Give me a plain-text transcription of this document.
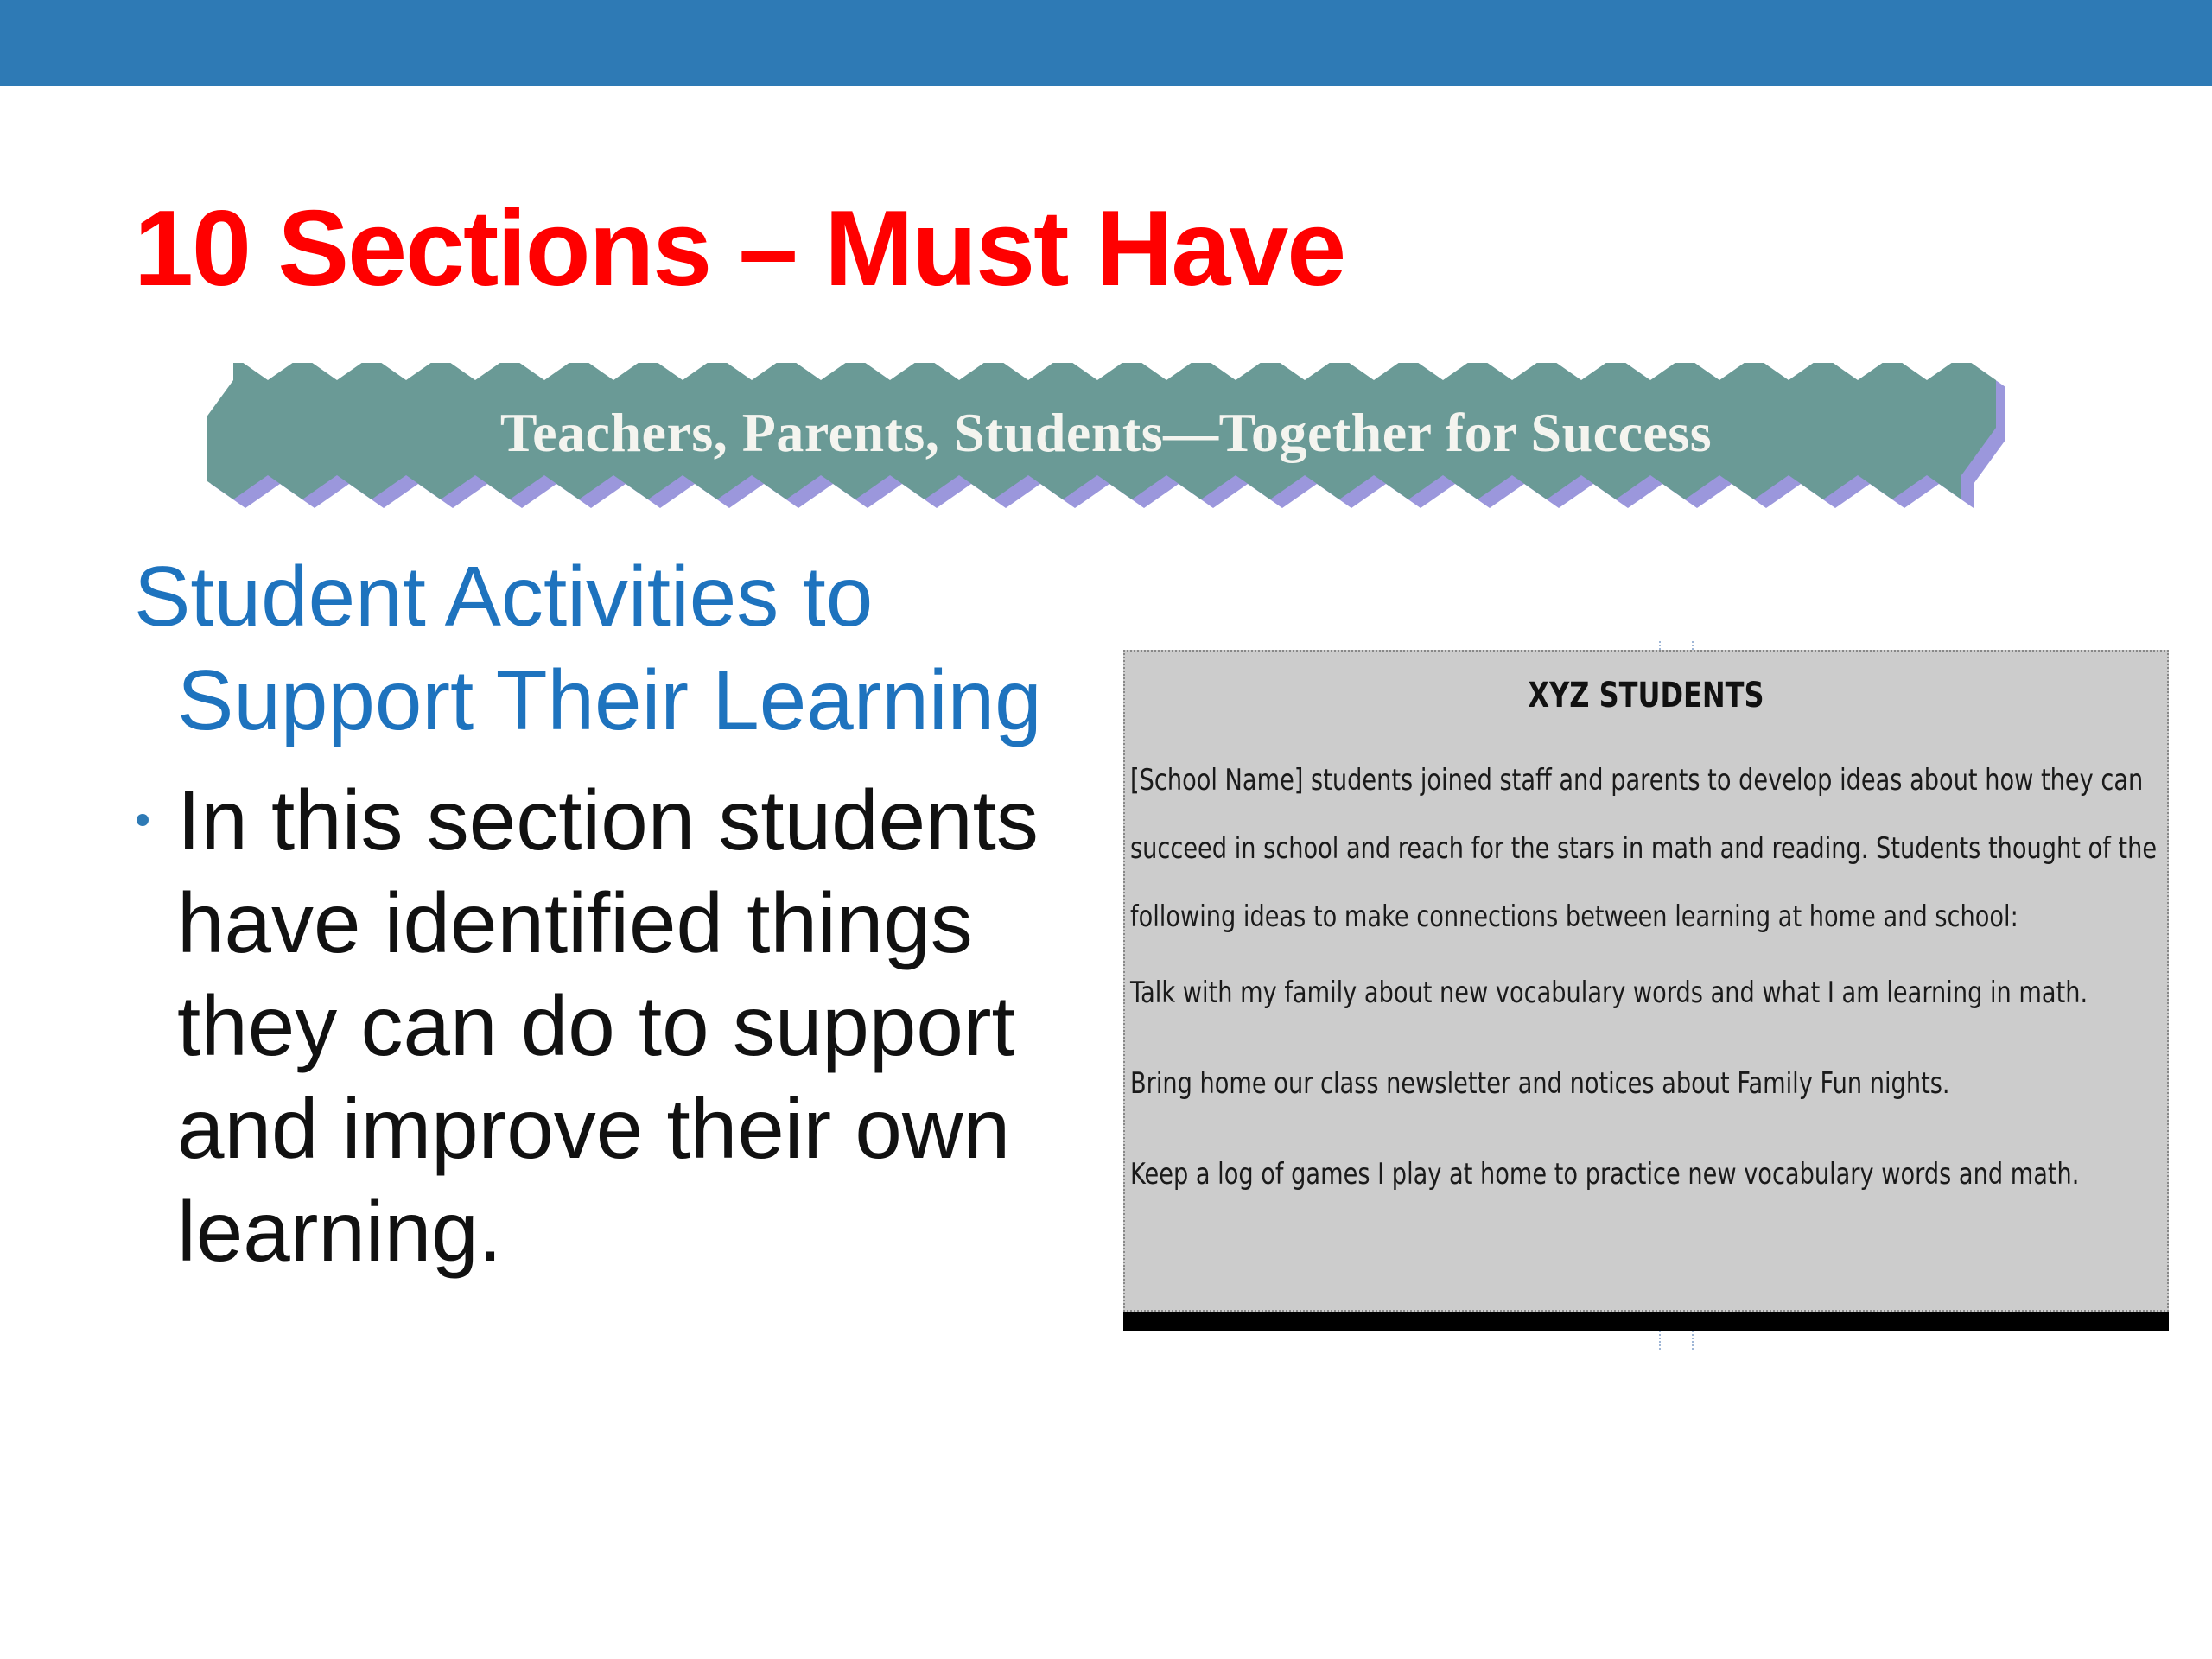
10 Sections – Must Have
Teachers, Parents, Students—Together for Success
Student Activities to
Support Their Learning
In this section students have identified things they can do to support and improve their own learning.
XYZ STUDENTS

[School Name] students joined staff and parents to develop ideas about how they can succeed in school and reach for the stars in math and reading. Students thought of the following ideas to make connections between learning at home and school:

Talk with my family about new vocabulary words and what I am learning in math.
Bring home our class newsletter and notices about Family Fun nights.
Keep a log of games I play at home to practice new vocabulary words and math.
